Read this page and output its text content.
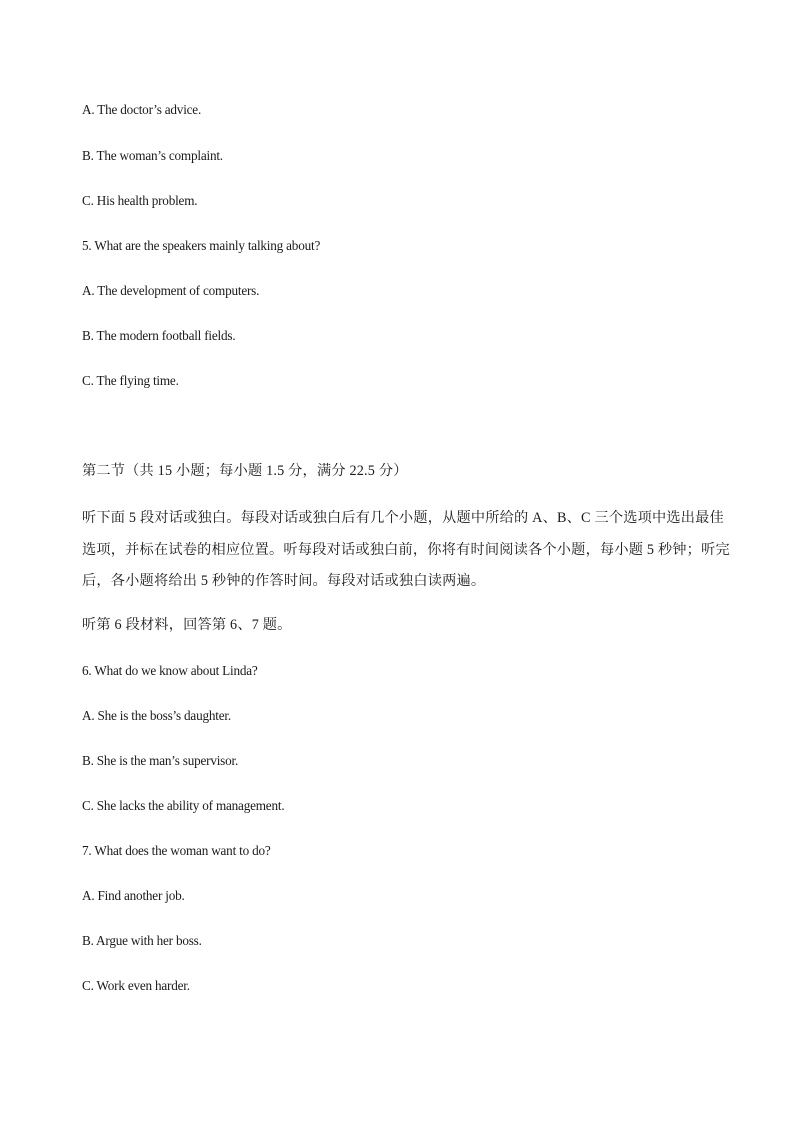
A. The doctor’s advice.
B. The woman’s complaint.
C. His health problem.
5. What are the speakers mainly talking about?
A. The development of computers.
B. The modern football fields.
C. The flying time.
第二节（共 15 小题；每小题 1.5 分，满分 22.5 分）
听下面 5 段对话或独白。每段对话或独白后有几个小题，从题中所给的 A、B、C 三个选项中选出最佳
选项，并标在试卷的相应位置。听每段对话或独白前，你将有时间阅读各个小题，每小题 5 秒钟；听完
后，各小题将给出 5 秒钟的作答时间。每段对话或独白读两遍。
听第 6 段材料，回答第 6、7 题。
6. What do we know about Linda?
A. She is the boss’s daughter.
B. She is the man’s supervisor.
C. She lacks the ability of management.
7. What does the woman want to do?
A. Find another job.
B. Argue with her boss.
C. Work even harder.
